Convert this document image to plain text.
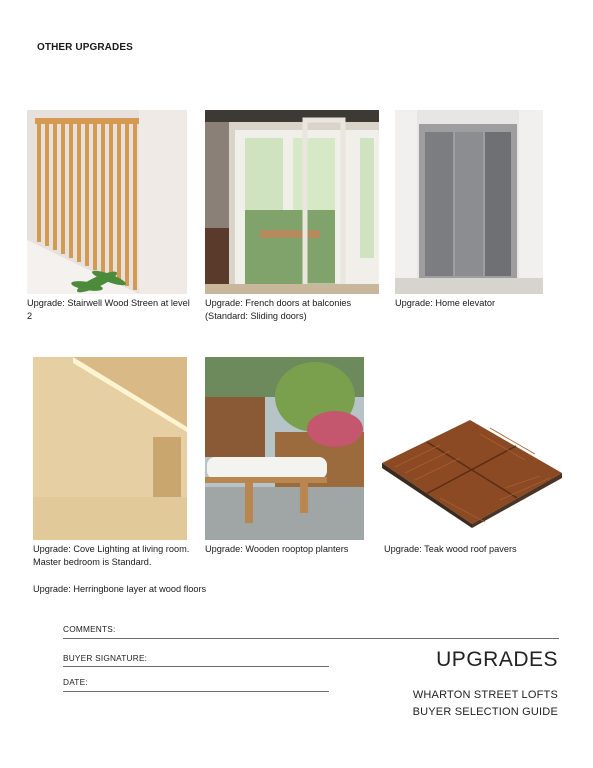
OTHER UPGRADES
Upgrade: Stairwell Wood Streen at level 2
Upgrade: French doors at balconies (Standard: Sliding doors)
Upgrade: Home elevator
Upgrade: Cove Lighting at living room. Master bedroom is Standard.
Upgrade: Wooden rooptop planters	Upgrade: Teak wood roof pavers
Upgrade: Herringbone layer at wood floors
COMMENTS:
BUYER SIGNATURE:
DATE:
UPGRADES
WHARTON STREET LOFTS
BUYER SELECTION GUIDE
